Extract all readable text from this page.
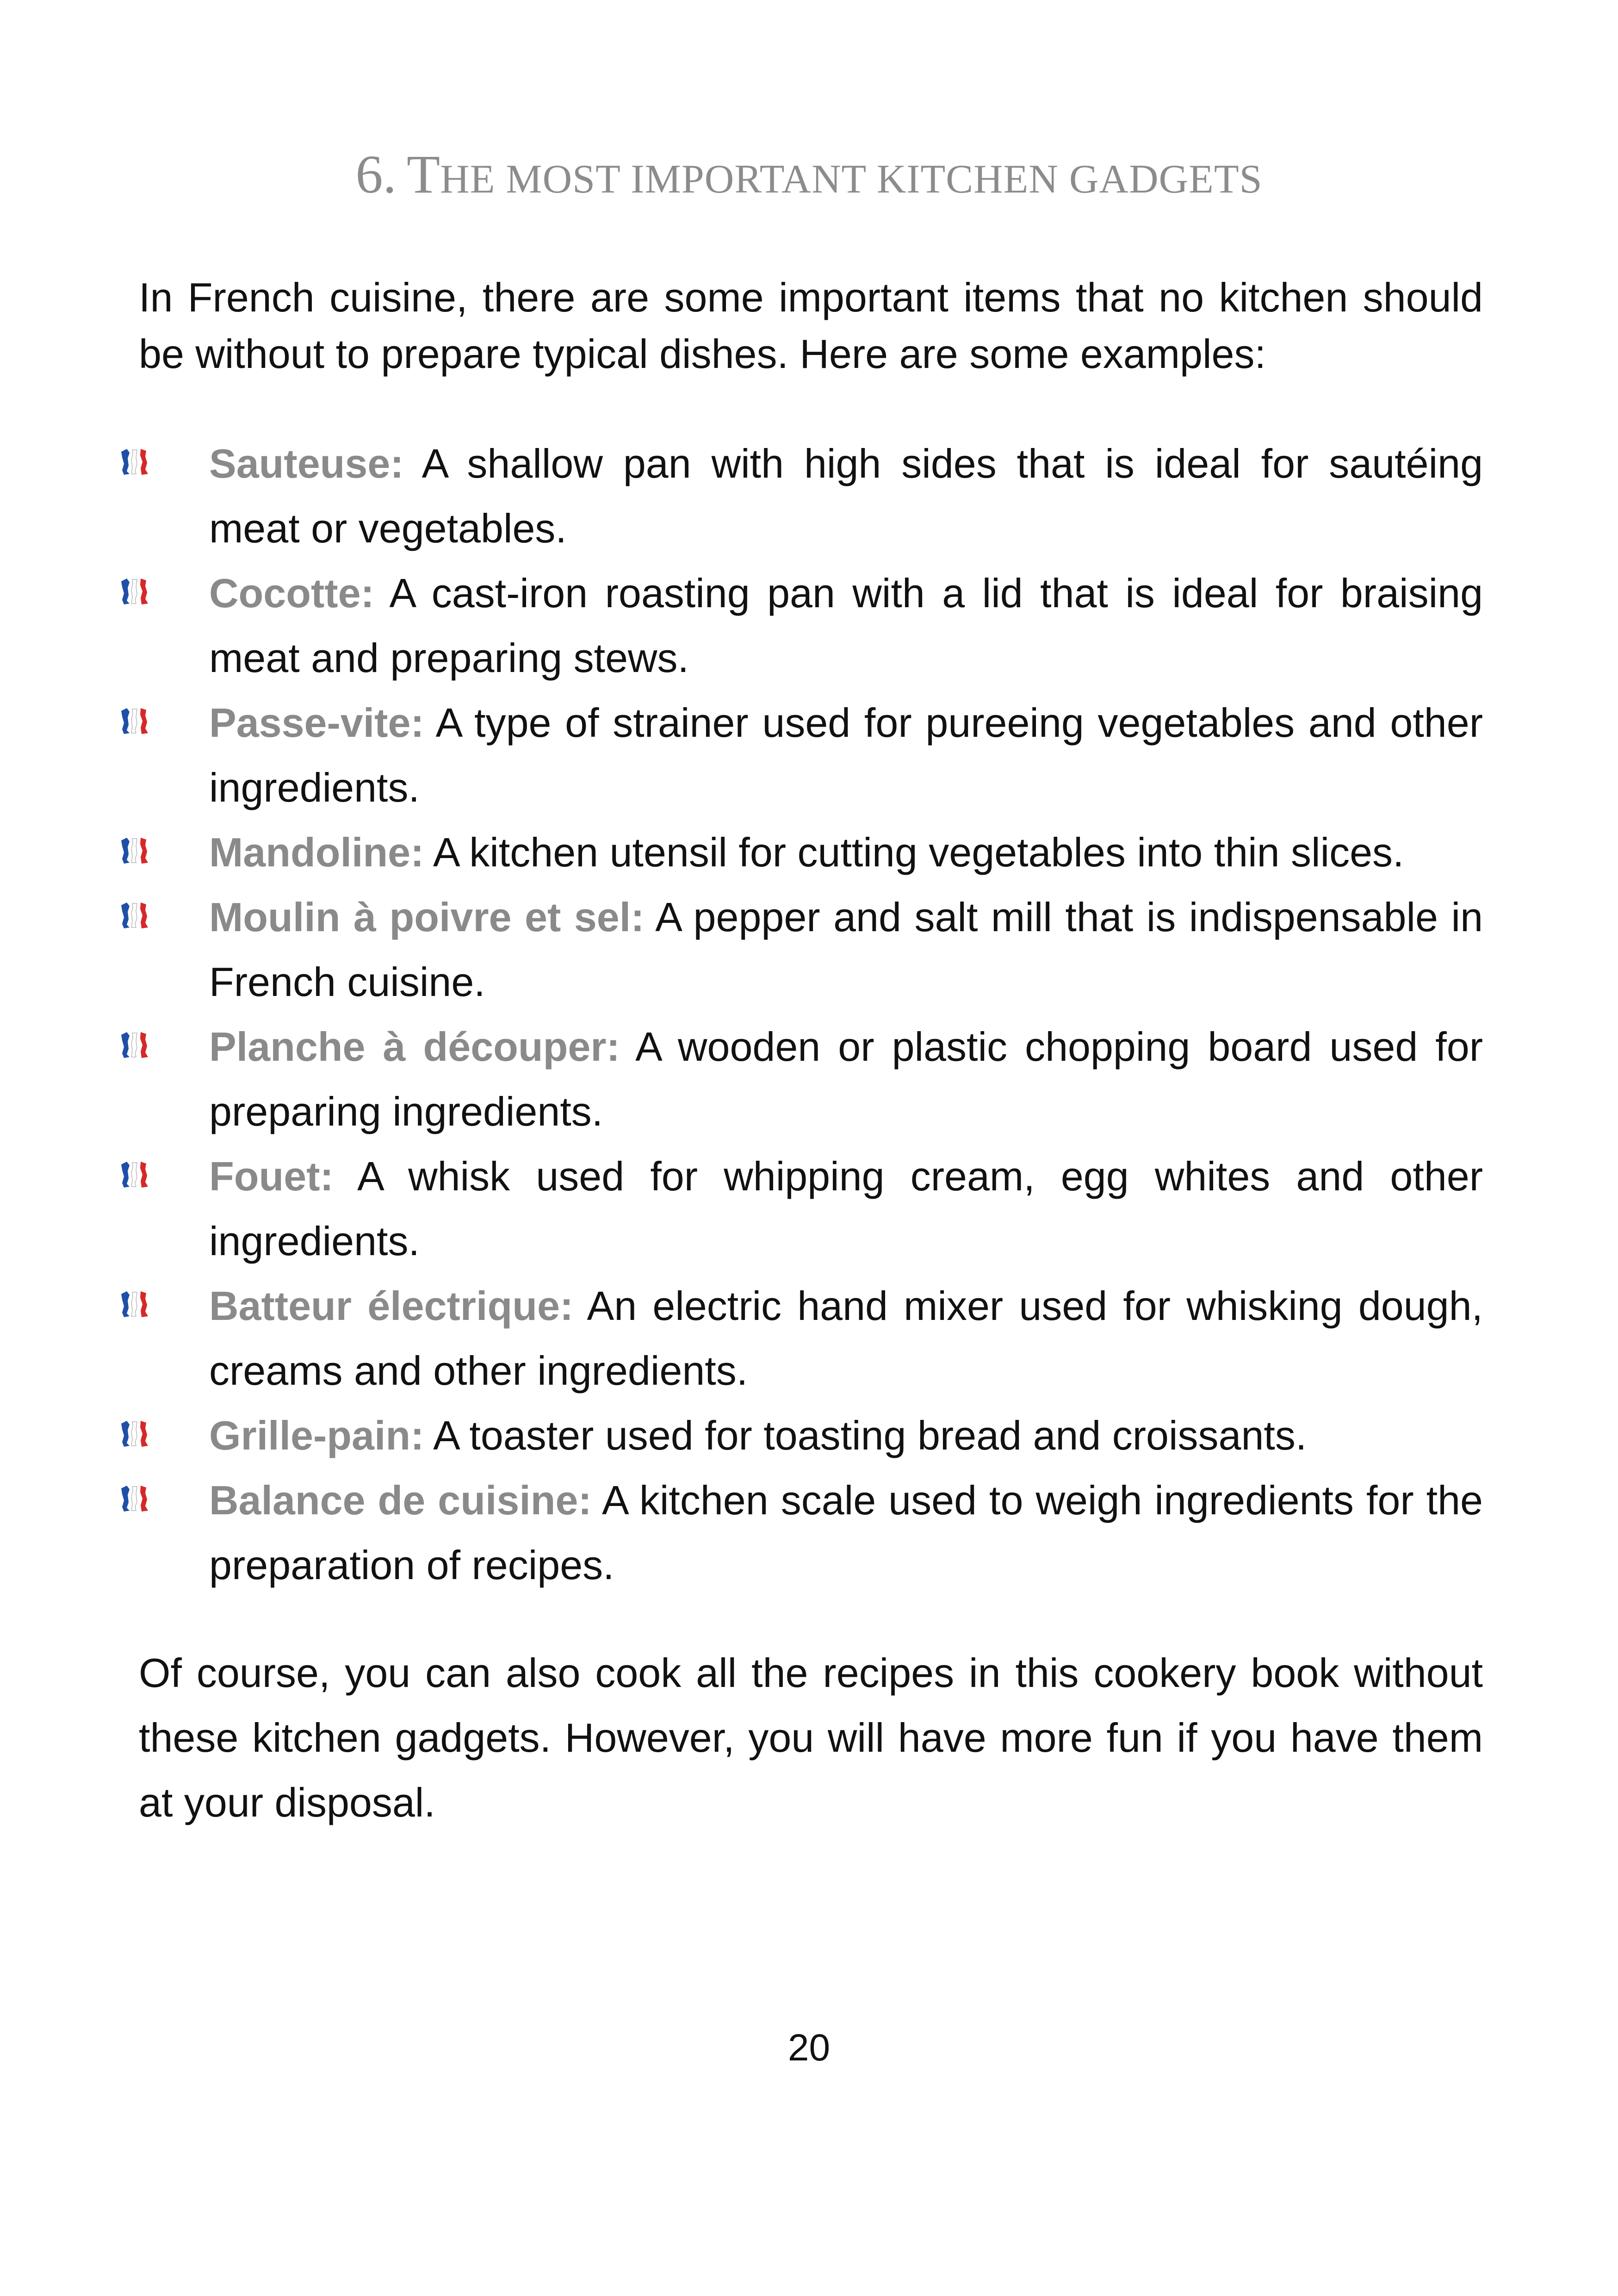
6. THE MOST IMPORTANT KITCHEN GADGETS

In French cuisine, there are some important items that no kitchen should be without to prepare typical dishes. Here are some examples:

Sauteuse: A shallow pan with high sides that is ideal for sautéing meat or vegetables.
Cocotte: A cast-iron roasting pan with a lid that is ideal for braising meat and preparing stews.
Passe-vite: A type of strainer used for pureeing vegetables and other ingredients.
Mandoline: A kitchen utensil for cutting vegetables into thin slices.
Moulin à poivre et sel: A pepper and salt mill that is indispensable in French cuisine.
Planche à découper: A wooden or plastic chopping board used for preparing ingredients.
Fouet: A whisk used for whipping cream, egg whites and other ingredients.
Batteur électrique: An electric hand mixer used for whisking dough, creams and other ingredients.
Grille-pain: A toaster used for toasting bread and croissants.
Balance de cuisine: A kitchen scale used to weigh ingredients for the preparation of recipes.

Of course, you can also cook all the recipes in this cookery book without these kitchen gadgets. However, you will have more fun if you have them at your disposal.

20
